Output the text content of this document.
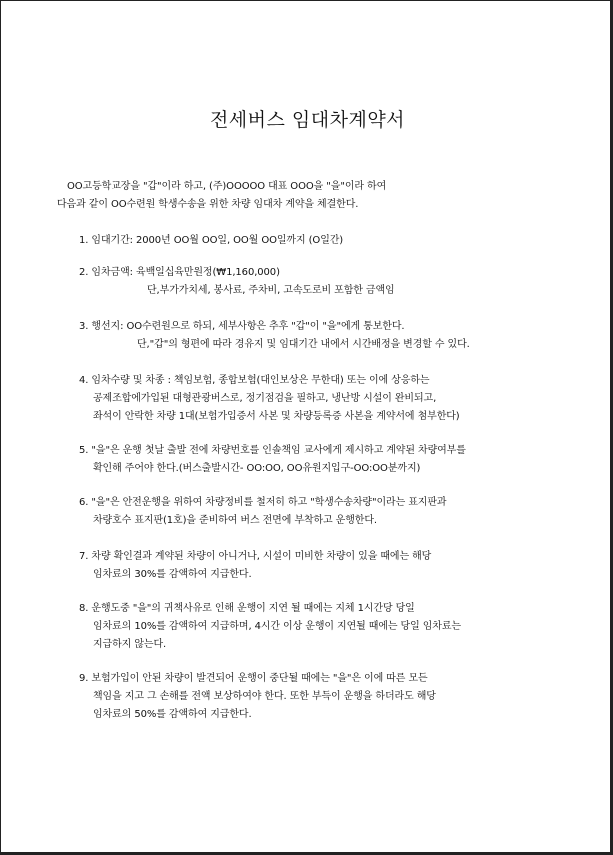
전세버스 임대차계약서
OO고등학교장을 "갑"이라 하고, (주)OOOOO 대표 OOO을 "을"이라 하여
다음과 같이 OO수련원 학생수송을 위한 차량 임대차 계약을 체결한다.
1. 임대기간: 2000년 OO월 OO일, OO월 OO일까지 (O일간)
2. 임차금액: 육백일십육만원정(₩1,160,000)
단,부가가치세, 봉사료, 주차비, 고속도로비 포함한 금액임
3. 행선지: OO수련원으로 하되, 세부사항은 추후 "갑"이 "을"에게 통보한다.
단,"갑"의 형편에 따라 경유지 및 임대기간 내에서 시간배정을 변경할 수 있다.
4. 임차수량 및 차종 : 책임보험, 종합보험(대인보상은 무한대) 또는 이에 상응하는
공제조합에가입된 대형관광버스로, 정기점검을 필하고, 냉난방 시설이 완비되고,
좌석이 안락한 차량 1대(보험가입증서 사본 및 차량등록증 사본을 계약서에 첨부한다)
5. "을"은 운행 첫날 출발 전에 차량번호를 인솔책임 교사에게 제시하고 계약된 차량여부를
확인해 주어야 한다.(버스출발시간- OO:OO, OO유원지입구-OO:OO분까지)
6. "을"은 안전운행을 위하여 차량정비를 철저히 하고 "학생수송차량"이라는 표지판과
차량호수 표지판(1호)을 준비하여 버스 전면에 부착하고 운행한다.
7. 차량 확인결과 계약된 차량이 아니거나, 시설이 미비한 차량이 있을 때에는 해당
임차료의 30%를 감액하여 지급한다.
8. 운행도중 "을"의 귀책사유로 인해 운행이 지연 될 때에는 지체 1시간당 당일
임차료의 10%를 감액하여 지급하며, 4시간 이상 운행이 지연될 때에는 당일 임차료는
지급하지 않는다.
9. 보험가입이 안된 차량이 발견되어 운행이 중단될 때에는 "을"은 이에 따른 모든
책임을 지고 그 손해를 전액 보상하여야 한다. 또한 부득이 운행을 하더라도 해당
임차료의 50%를 감액하여 지급한다.
